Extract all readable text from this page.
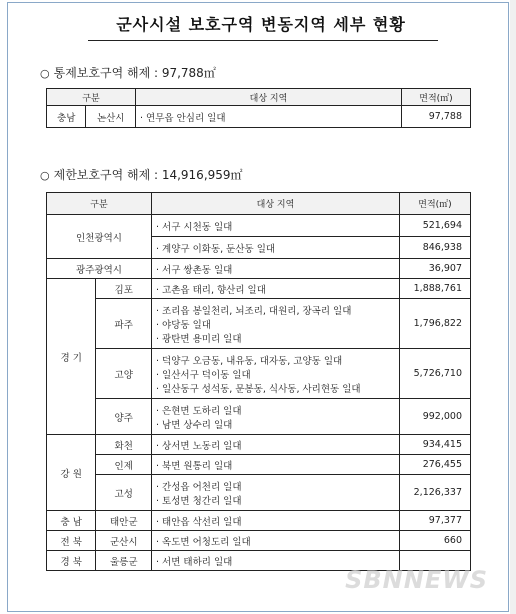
군사시설 보호구역 변동지역 세부 현황
○ 통제보호구역 해제 : 97,788㎡
구분		대상 지역	면적(㎡)
충남	논산시	· 연무읍 안심리 일대	97,788
○ 제한보호구역 해제 : 14,916,959㎡
구분		대상 지역	면적(㎡)
인천광역시		· 서구 시천동 일대	521,694
		· 계양구 이화동, 둔산동 일대	846,938
광주광역시		· 서구 쌍촌동 일대	36,907
경 기	김포	· 고촌읍 태리, 향산리 일대	1,888,761
	파주	· 조리읍 봉일천리, 뇌조리, 대원리, 장곡리 일대
· 야당동 일대
· 광탄면 용미리 일대	1,796,822
	고양	· 덕양구 오금동, 내유동, 대자동, 고양동 일대
· 일산서구 덕이동 일대
· 일산동구 성석동, 문봉동, 식사동, 사리현동 일대	5,726,710
	양주	· 은현면 도하리 일대
· 남면 상수리 일대	992,000
강 원	화천	· 상서면 노동리 일대	934,415
	인제	· 북면 원통리 일대	276,455
	고성	· 간성읍 어천리 일대
· 토성면 청간리 일대	2,126,337
충 남	태안군	· 태안읍 삭선리 일대	97,377
전 북	군산시	· 옥도면 어청도리 일대	660
경 북	울릉군	· 서면 태하리 일대	
SBNNEWS
